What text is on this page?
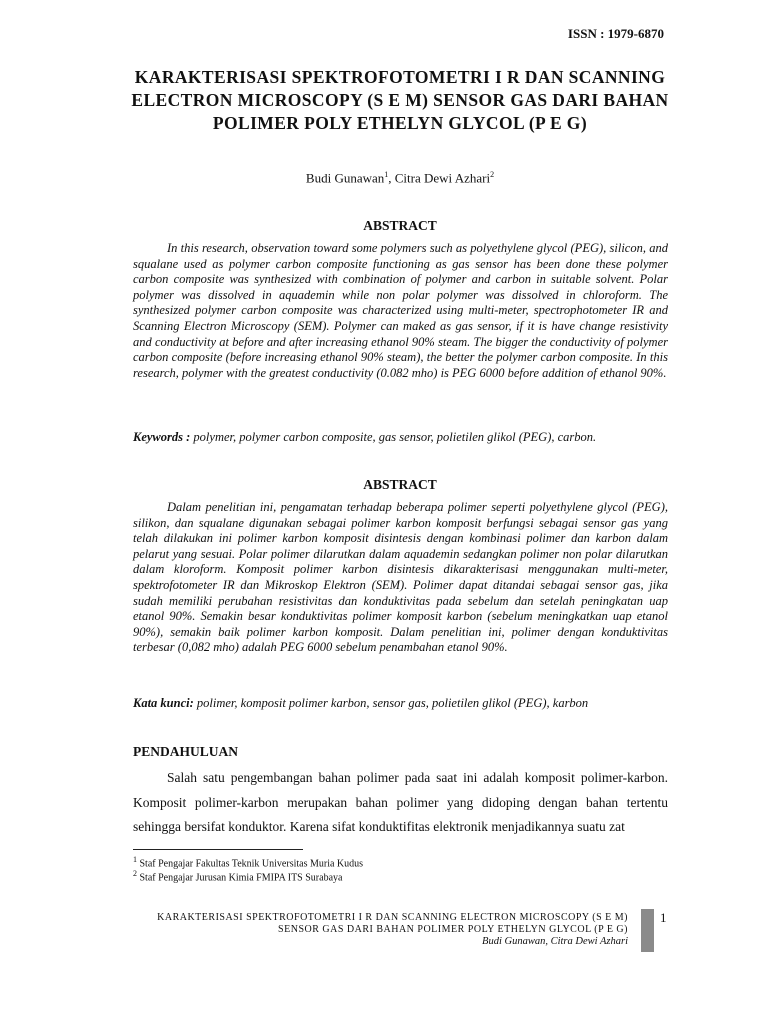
ISSN : 1979-6870
KARAKTERISASI SPEKTROFOTOMETRI I R DAN SCANNING ELECTRON MICROSCOPY (S E M) SENSOR GAS DARI BAHAN POLIMER POLY ETHELYN GLYCOL (P E G)
Budi Gunawan$^1$, Citra Dewi Azhari$^2$
ABSTRACT

In this research, observation toward some polymers such as polyethylene glycol (PEG), silicon, and squalane used as polymer carbon composite functioning as gas sensor has been done these polymer carbon composite was synthesized with combination of polymer and carbon in suitable solvent. Polar polymer was dissolved in aquademin while non polar polymer was dissolved in chloroform. The synthesized polymer carbon composite was characterized using multi-meter, spectrophotometer IR and Scanning Electron Microscopy (SEM). Polymer can maked as gas sensor, if it is have change resistivity and conductivity at before and after increasing ethanol 90% steam. The bigger the conductivity of polymer carbon composite (before increasing ethanol 90% steam), the better the polymer carbon composite. In this research, polymer with the greatest conductivity (0.082 mho) is PEG 6000 before addition of ethanol 90%.

Keywords : polymer, polymer carbon composite, gas sensor, polietilen glikol (PEG), carbon.
ABSTRACT

Dalam penelitian ini, pengamatan terhadap beberapa polimer seperti polyethylene glycol (PEG), silikon, dan squalane digunakan sebagai polimer karbon komposit berfungsi sebagai sensor gas yang telah dilakukan ini polimer karbon komposit disintesis dengan kombinasi polimer dan karbon dalam pelarut yang sesuai. Polar polimer dilarutkan dalam aquademin sedangkan polimer non polar dilarutkan dalam kloroform. Komposit polimer karbon disintesis dikarakterisasi menggunakan multi-meter, spektrofotometer IR dan Mikroskop Elektron (SEM). Polimer dapat ditandai sebagai sensor gas, jika sudah memiliki perubahan resistivitas dan konduktivitas pada sebelum dan setelah peningkatan uap etanol 90%. Semakin besar konduktivitas polimer komposit karbon (sebelum meningkatkan uap etanol 90%), semakin baik polimer karbon komposit. Dalam penelitian ini, polimer dengan konduktivitas terbesar (0,082 mho) adalah PEG 6000 sebelum penambahan etanol 90%.

Kata kunci: polimer, komposit polimer karbon, sensor gas, polietilen glikol (PEG), karbon
PENDAHULUAN

Salah satu pengembangan bahan polimer pada saat ini adalah komposit polimer-karbon. Komposit polimer-karbon merupakan bahan polimer yang didoping dengan bahan tertentu sehingga bersifat konduktor. Karena sifat konduktifitas elektronik menjadikannya suatu zat

$^1$ Staf Pengajar Fakultas Teknik Universitas Muria Kudus
$^2$ Staf Pengajar Jurusan Kimia FMIPA ITS Surabaya
KARAKTERISASI SPEKTROFOTOMETRI I R DAN SCANNING ELECTRON MICROSCOPY (S E M)
SENSOR GAS DARI BAHAN POLIMER POLY ETHELYN GLYCOL (P E G)
Budi Gunawan, Citra Dewi Azhari
1
